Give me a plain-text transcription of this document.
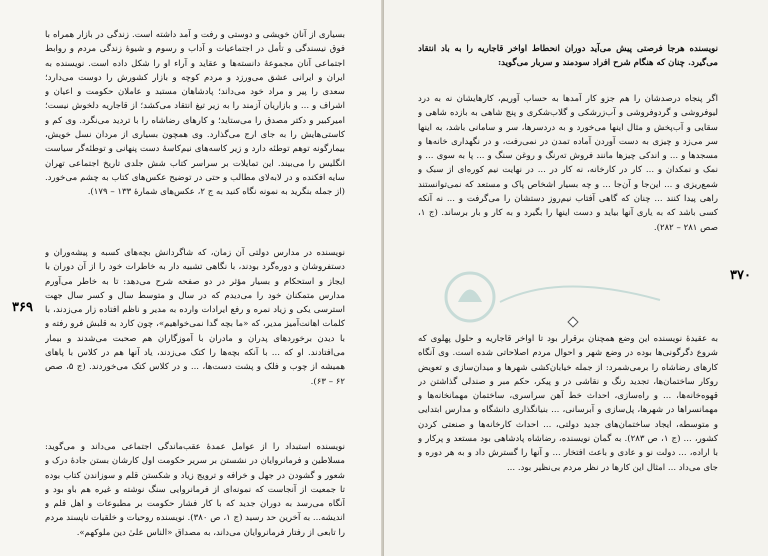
بسیاری از آنان خویشی و دوستی و رفت و آمد داشته است. زندگی در بازار همراه با فوق نیسندگی و تأمل در اجتماعیات و آداب و رسوم و شیوهٔ زندگی مردم و روابط اجتماعی آنان مجموعهٔ دانسته‌ها و عقاید و آراء او را شکل داده است. نویسنده به ایران و ایرانی عشق می‌ورزد و مردم کوچه و بازار کشورش را دوست می‌دارد؛ سعدی را پیر و مراد خود می‌داند؛ پادشاهان مستبد و عاملان حکومت و اعیان و اشراف و ... و بازاریان آزمند را به زیر تیغ انتقاد می‌کشد؛ از قاجاریه دلخوش نیست؛ امیرکبیر و دکتر مصدق را می‌ستاید؛ و کارهای رضاشاه را با تردید می‌نگرد. وی کم و کاستی‌هایش را به جای ارج می‌گذارد. وی همچون بسیاری از مردان نسل خویش، بیمارگونه توهم توطئه دارد و زیر کاسه‌های نیم‌کاسهٔ دست پنهانی و توطئه‌گر سیاست انگلیس را می‌بیند. این تمایلات بر سراسر کتاب شش جلدی تاریخ اجتماعی تهران سایه افکنده و در لابه‌لای مطالب و حتی در توضیح عکس‌های کتاب به چشم می‌خورد. (از جمله بنگرید به نمونه نگاه کنید به ج ۲، عکس‌های شمارهٔ ۱۳۳ – ۱۷۹).
۳۶۹
نویسنده در مدارس دولتی آن زمان، که شاگردانش بچه‌های کسبه و پیشه‌وران و دستفروشان و دوره‌گرد بودند، با نگاهی تشبیه دار به خاطرات خود را از آن دوران با ایجاز و استحکام و بسیار مؤثر در دو صفحه شرح می‌دهد: تا به خاطر می‌آورم مدارس متمکنان خود را می‌دیدم که در سال و متوسط سال و کسر سال جهت استرسی یکی و زیاد نمره و رفع ایرادات وارده به مدیر و ناظم افتاده زار می‌زدند، با کلمات اهانت‌آمیز مدیر، که «ما بچه گدا نمی‌خواهیم»، چون کارد به قلبش فرو رفته و با دیدن برخوردهای پدران و مادران با آموزگاران هم صحبت می‌شدند و بیمار می‌افتادند. او که ... با آنکه بچه‌ها را کتک می‌زدند، یاد آنها هم در کلاس با پاهای همیشه از چوب و فلک و پشت دست‌ها، ... و در کلاس کتک می‌خوردند. (ج ۵، صص ۶۲ – ۶۳).
نویسنده استبداد را از عوامل عمدهٔ عقب‌ماندگی اجتماعی می‌داند و می‌گوید: مسلاطین و فرمانروایان در نشستن بر سریر حکومت اول کارشان بستن جادهٔ درک و شعور و گشودن در جهل و خرافه و ترویج زیاد و شکستن قلم و سوزاندن کتاب بوده تا جمعیت از آنجاست که نمونه‌ای از فرمانروایی سنگ نوشته و غیره هم باو بود و آنگاه می‌رسد به دوران جدید که با کار فشار حکومت بر مطبوعات و اهل قلم و اندیشه... به آخرین حد رسید (ج ۱، ص ۳۸۰). نویسنده روحیات و خلقیات ناپسند مردم را تابعی از رفتار فرمانروایان می‌داند، به مصداق «الناس علیٰ دین ملوکهم».
نویسنده هرجا فرصتی پیش می‌آید دوران انحطاط اواخر قاجاریه را به باد انتقاد می‌گیرد. چنان که هنگام شرح افراد سودمند و سربار می‌گوید:
اگر پنجاه درصدشان را هم جزو کار آمدها به حساب آوریم، کارهایشان نه به درد لیوفروشی و گردوفروشی و آب‌زرشکی و گلاب‌شکری و پنج شاهی به بازده شاهی و سقایی و آب‌پخش و مثال اینها می‌خورد و به دردسرها، سر و سامانی باشد، به اینها سر می‌زد و چیزی به دست آوردن آماده تمدن در نمی‌رفت، و در نگهداری خانه‌ها و مسجدها و ... و اندکی چیزها مانند فروش ته‌رنگ و روغن سنگ و ... پا به سوی ... و نمک و نمکدان و ... کار در کارخانه، نه کار در ... در نهایت نیم کوره‌ای از سبک و شمع‌ریزی و ... این‌جا و آن‌جا ... و چه بسیار اشخاص پاک و مستعد که نمی‌توانستند راهی پیدا کنند ... چنان که گاهی آفتاب نیم‌روز دستشان را می‌گرفت و ... نه آنکه کسی باشد که به یاری آنها بیاید و دست اینها را بگیرد و به کار و بار برساند. (ج ۱، صص ۲۸۱ – ۲۸۲).
۳۷۰
به عقیدهٔ نویسنده این وضع همچنان برقرار بود تا اواخر قاجاریه و حلول پهلوی که شروع دگرگونی‌ها بوده در وضع شهر و احوال مردم اصلاحاتی شده است. وی آنگاه کارهای رضاشاه را برمی‌شمرد: از جمله خیابان‌کشی شهرها و میدان‌سازی و تعویض روکار ساختمان‌ها، تجدید رنگ و نقاشی در و پیکر، حکم مبر و صندلی گذاشتن در قهوه‌خانه‌ها، ... و راه‌سازی، احداث خط آهن سراسری، ساختمان مهمانخانه‌ها و مهمانسراها در شهرها، پل‌سازی و آبرسانی، ... بنیانگذاری دانشگاه و مدارس ابتدایی و متوسطه، ایجاد ساختمان‌های جدید دولتی، ... احداث کارخانه‌ها و صنعتی کردن کشور، ... (ج ۱، ص ۲۸۳). به گمان نویسنده، رضاشاه پادشاهی بود مستعد و پرکار و با اراده، ... دولت نو و عادی و باعث افتخار ... و آنها را گسترش داد و به هر دوره و جای می‌داد ... امثال این کارها در نظر مردم بی‌نظیر بود. ...
